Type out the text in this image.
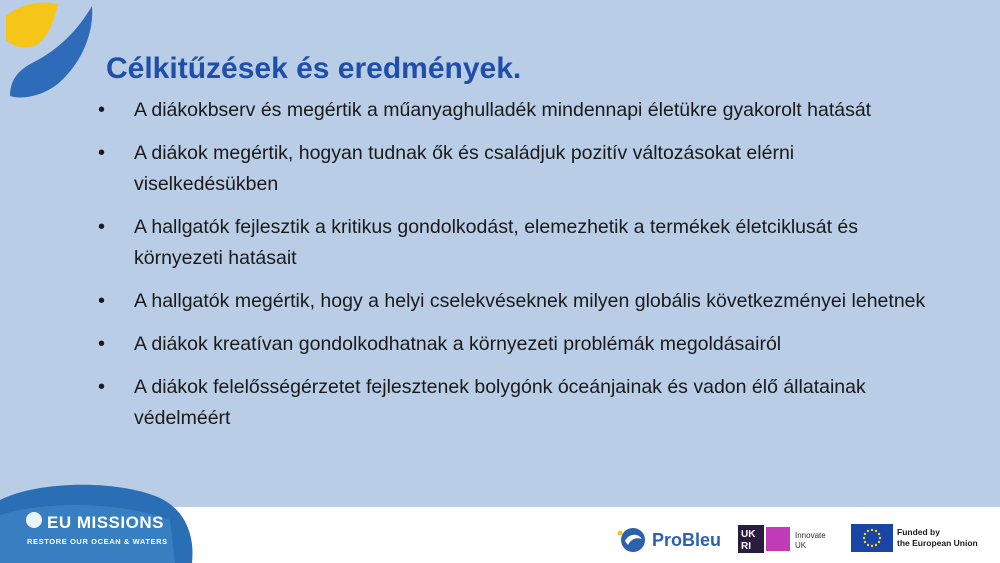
Célkitűzések és eredmények.
• A diákokbserv és megértik a műanyaghulladék mindennapi életükre gyakorolt hatását
• A diákok megértik, hogyan tudnak ők és családjuk pozitív változásokat elérni viselkedésükben
• A hallgatók fejlesztik a kritikus gondolkodást, elemezhetik a termékek életciklusát és környezeti hatásait
• A hallgatók megértik, hogy a helyi cselekvéseknek milyen globális következményei lehetnek
• A diákok kreatívan gondolkodhatnak a környezeti problémák megoldásairól
• A diákok felelősségérzetet fejlesztenek bolygónk óceánjainak és vadon élő állatainak védelméért
EU MISSIONS
RESTORE OUR OCEAN & WATERS	ProBleu UK
RI
Innovate
UK
Funded by
the European Union
